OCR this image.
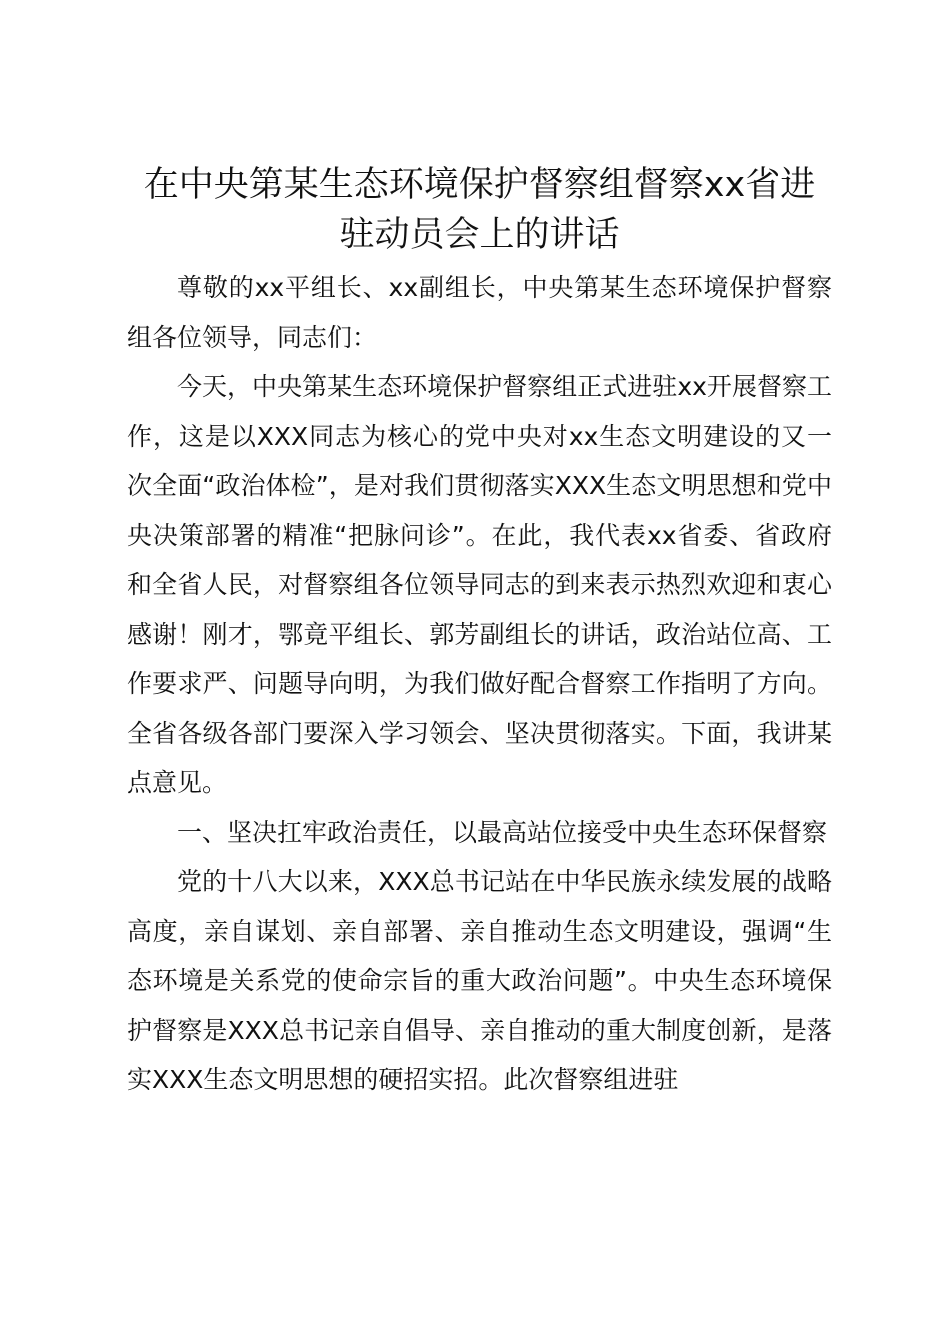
在中央第某生态环境保护督察组督察xx省进驻动员会上的讲话

尊敬的xx平组长、xx副组长，中央第某生态环境保护督察组各位领导，同志们：

今天，中央第某生态环境保护督察组正式进驻xx开展督察工作，这是以XXX同志为核心的党中央对xx生态文明建设的又一次全面“政治体检”，是对我们贯彻落实XXX生态文明思想和党中央决策部署的精准“把脉问诊”。在此，我代表xx省委、省政府和全省人民，对督察组各位领导同志的到来表示热烈欢迎和衷心感谢！刚才，鄂竟平组长、郭芳副组长的讲话，政治站位高、工作要求严、问题导向明，为我们做好配合督察工作指明了方向。全省各级各部门要深入学习领会、坚决贯彻落实。下面，我讲某点意见。

一、坚决扛牢政治责任，以最高站位接受中央生态环保督察

党的十八大以来，XXX总书记站在中华民族永续发展的战略高度，亲自谋划、亲自部署、亲自推动生态文明建设，强调“生态环境是关系党的使命宗旨的重大政治问题”。中央生态环境保护督察是XXX总书记亲自倡导、亲自推动的重大制度创新，是落实XXX生态文明思想的硬招实招。此次督察组进驻
